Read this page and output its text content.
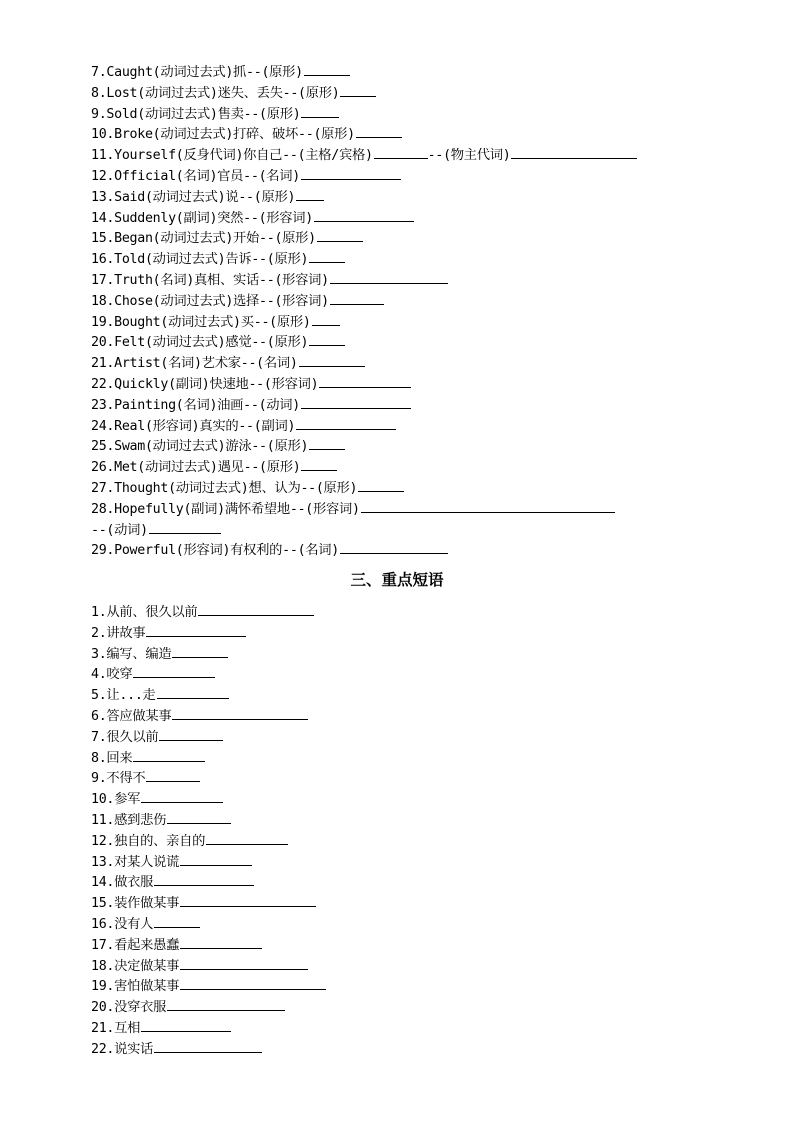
7.Caught(动词过去式)抓--(原形)
8.Lost(动词过去式)迷失、丢失--(原形)
9.Sold(动词过去式)售卖--(原形)
10.Broke(动词过去式)打碎、破坏--(原形)
11.Yourself(反身代词)你自己--(主格/宾格)	--(物主代词)
12.Official(名词)官员--(名词)
13.Said(动词过去式)说--(原形)
14.Suddenly(副词)突然--(形容词)
15.Began(动词过去式)开始--(原形)
16.Told(动词过去式)告诉--(原形)
17.Truth(名词)真相、实话--(形容词)
18.Chose(动词过去式)选择--(形容词)
19.Bought(动词过去式)买--(原形)
20.Felt(动词过去式)感觉--(原形)
21.Artist(名词)艺术家--(名词)
22.Quickly(副词)快速地--(形容词)
23.Painting(名词)油画--(动词)
24.Real(形容词)真实的--(副词)
25.Swam(动词过去式)游泳--(原形)
26.Met(动词过去式)遇见--(原形)
27.Thought(动词过去式)想、认为--(原形)
28.Hopefully(副词)满怀希望地--(形容词)
--(动词)
29.Powerful(形容词)有权利的--(名词)
三、重点短语
1.从前、很久以前
2.讲故事
3.编写、编造
4.咬穿
5.让...走
6.答应做某事
7.很久以前
8.回来
9.不得不
10.参军
11.感到悲伤
12.独自的、亲自的
13.对某人说谎
14.做衣服
15.装作做某事
16.没有人
17.看起来愚蠢
18.决定做某事
19.害怕做某事
20.没穿衣服
21.互相
22.说实话
